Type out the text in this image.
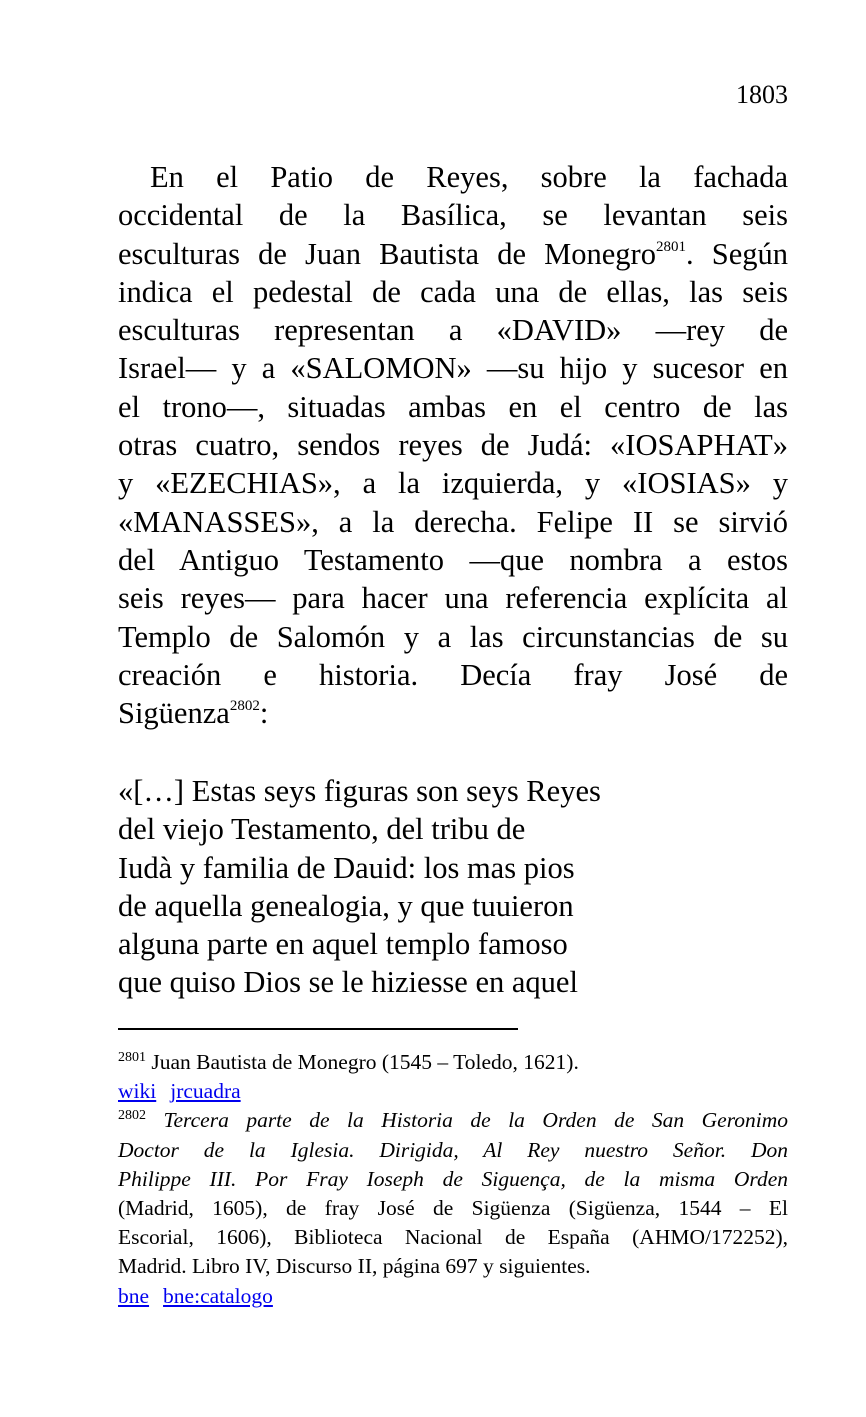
1803
En el Patio de Reyes, sobre la fachada
occidental de la Basílica, se levantan seis
esculturas de Juan Bautista de Monegro$^{2801}$. Según
indica el pedestal de cada una de ellas, las seis
esculturas representan a «DAVID» —rey de
Israel— y a «SALOMON» —su hijo y sucesor en
el trono—, situadas ambas en el centro de las
otras cuatro, sendos reyes de Judá: «IOSAPHAT»
y «EZECHIAS», a la izquierda, y «IOSIAS» y
«MANASSES», a la derecha. Felipe II se sirvió
del Antiguo Testamento —que nombra a estos
seis reyes— para hacer una referencia explícita al
Templo de Salomón y a las circunstancias de su
creación e historia. Decía fray José de
Sigüenza$^{2802}$:
«[…] Estas seys figuras son seys Reyes
del viejo Testamento, del tribu de
Iudà y familia de Dauid: los mas pios
de aquella genealogia, y que tuuieron
alguna parte en aquel templo famoso
que quiso Dios se le hiziesse en aquel
$^{2801}$ Juan Bautista de Monegro (1545 – Toledo, 1621).
wiki jrcuadra
$^{2802}$ Tercera parte de la Historia de la Orden de San Geronimo
Doctor de la Iglesia. Dirigida, Al Rey nuestro Señor. Don
Philippe III. Por Fray Ioseph de Siguença, de la misma Orden
(Madrid, 1605), de fray José de Sigüenza (Sigüenza, 1544 – El
Escorial, 1606), Biblioteca Nacional de España (AHMO/172252),
Madrid. Libro IV, Discurso II, página 697 y siguientes.
bne bne:catalogo
